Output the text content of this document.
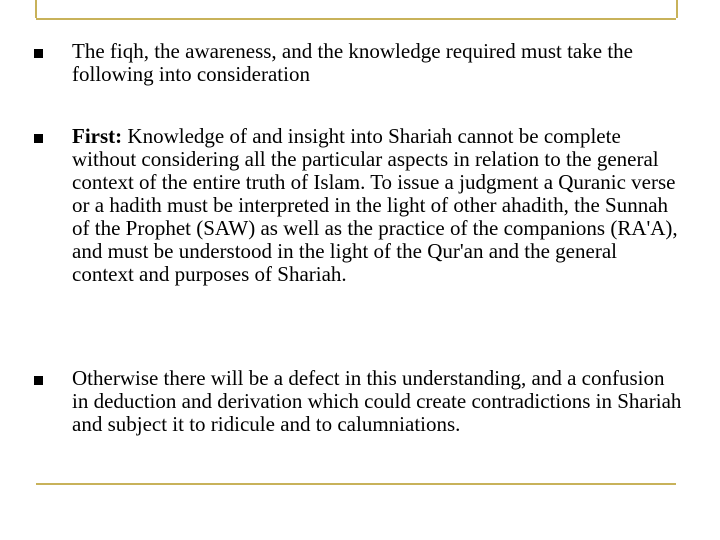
The fiqh, the awareness, and the knowledge required must take the following into consideration
First: Knowledge of and insight into Shariah cannot be complete without considering all the particular aspects in relation to the general context of the entire truth of Islam. To issue a judgment a Quranic verse or a hadith must be interpreted in the light of other ahadith, the Sunnah of the Prophet (SAW) as well as the practice of the companions (RA'A), and must be understood in the light of the Qur'an and the general context and purposes of Shariah.
Otherwise there will be a defect in this understanding, and a confusion in deduction and derivation which could create contradictions in Shariah and subject it to ridicule and to calumniations.
